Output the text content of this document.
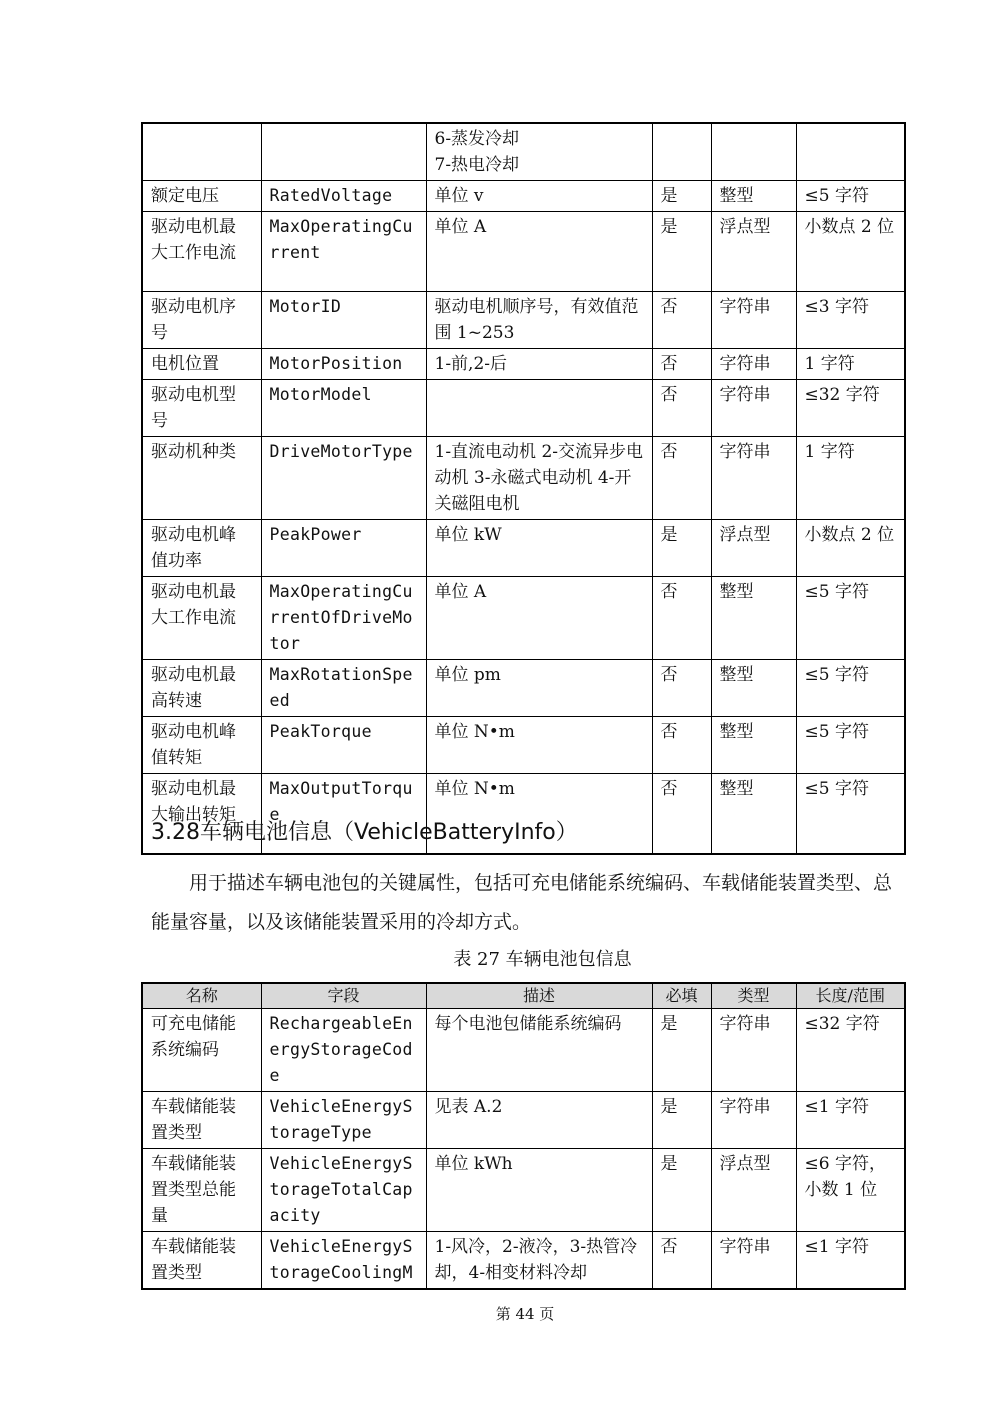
		6-蒸发冷却
7-热电冷却			
额定电压	RatedVoltage	单位 v	是	整型	≤5 字符
驱动电机最大工作电流	MaxOperatingCurrent	单位 A	是	浮点型	小数点 2 位
驱动电机序号	MotorID	驱动电机顺序号，有效值范围 1~253	否	字符串	≤3 字符
电机位置	MotorPosition	1-前,2-后	否	字符串	1 字符
驱动电机型号	MotorModel		否	字符串	≤32 字符
驱动机种类	DriveMotorType	1-直流电动机 2-交流异步电动机 3-永磁式电动机 4-开关磁阻电机	否	字符串	1 字符
驱动电机峰值功率	PeakPower	单位 kW	是	浮点型	小数点 2 位
驱动电机最大工作电流	MaxOperatingCurrentOfDriveMotor	单位 A	否	整型	≤5 字符
驱动电机最高转速	MaxRotationSpeed	单位 pm	否	整型	≤5 字符
驱动电机峰值转矩	PeakTorque	单位 N•m	否	整型	≤5 字符
驱动电机最大输出转矩	MaxOutputTorque	单位 N•m	否	整型	≤5 字符
3.28车辆电池信息（VehicleBatteryInfo）

用于描述车辆电池包的关键属性，包括可充电储能系统编码、车载储能装置类型、总能量容量，以及该储能装置采用的冷却方式。

表 27 车辆电池包信息
名称	字段	描述	必填	类型	长度/范围
可充电储能系统编码	RechargeableEnergyStorageCode	每个电池包储能系统编码	是	字符串	≤32 字符
车载储能装置类型	VehicleEnergyStorageType	见表 A.2	是	字符串	≤1 字符
车载储能装置类型总能量	VehicleEnergyStorageTotalCapacity	单位 kWh	是	浮点型	≤6 字符，小数 1 位
车载储能装置类型	VehicleEnergyStorageCoolingM	1-风冷，2-液冷，3-热管冷却，4-相变材料冷却	否	字符串	≤1 字符
第 44 页
